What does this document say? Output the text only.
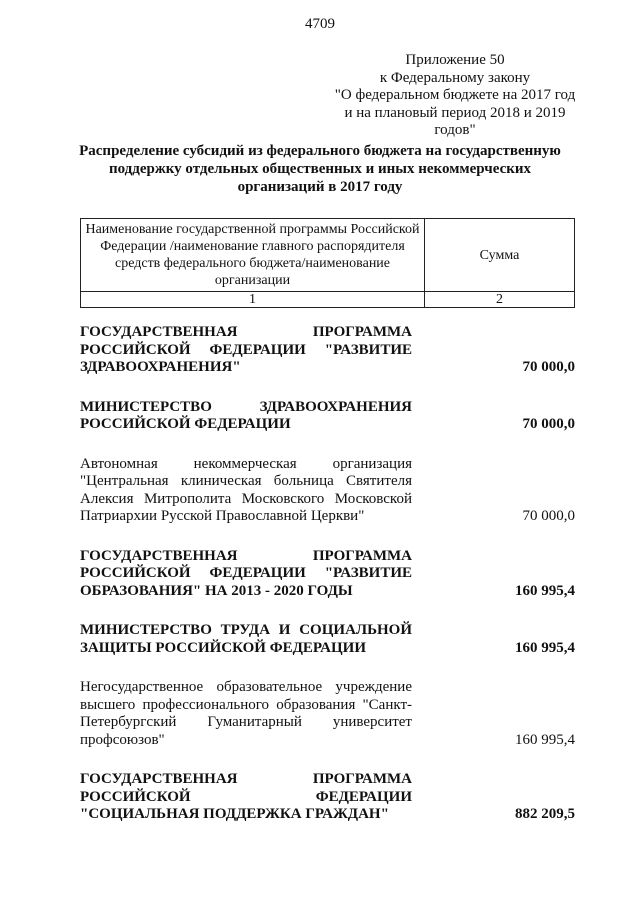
4709
Приложение 50
к Федеральному закону
"О федеральном бюджете на 2017 год
и на плановый период 2018 и 2019
годов"
Распределение субсидий из федерального бюджета на государственную
поддержку отдельных общественных и иных некоммерческих
организаций в 2017 году
Наименование государственной программы Российской Федерации /наименование главного распорядителя средств федерального бюджета/наименование организации	Сумма
1	2
ГОСУДАРСТВЕННАЯ ПРОГРАММА РОССИЙСКОЙ ФЕДЕРАЦИИ "РАЗВИТИЕ ЗДРАВООХРАНЕНИЯ"	70 000,0
МИНИСТЕРСТВО ЗДРАВООХРАНЕНИЯ РОССИЙСКОЙ ФЕДЕРАЦИИ	70 000,0
Автономная некоммерческая организация "Центральная клиническая больница Святителя Алексия Митрополита Московского Московской Патриархии Русской Православной Церкви"	70 000,0
ГОСУДАРСТВЕННАЯ ПРОГРАММА РОССИЙСКОЙ ФЕДЕРАЦИИ "РАЗВИТИЕ ОБРАЗОВАНИЯ" НА 2013 - 2020 ГОДЫ	160 995,4
МИНИСТЕРСТВО ТРУДА И СОЦИАЛЬНОЙ ЗАЩИТЫ РОССИЙСКОЙ ФЕДЕРАЦИИ	160 995,4
Негосударственное образовательное учреждение высшего профессионального образования "Санкт-Петербургский Гуманитарный университет профсоюзов"	160 995,4
ГОСУДАРСТВЕННАЯ ПРОГРАММА РОССИЙСКОЙ ФЕДЕРАЦИИ "СОЦИАЛЬНАЯ ПОДДЕРЖКА ГРАЖДАН"	882 209,5
